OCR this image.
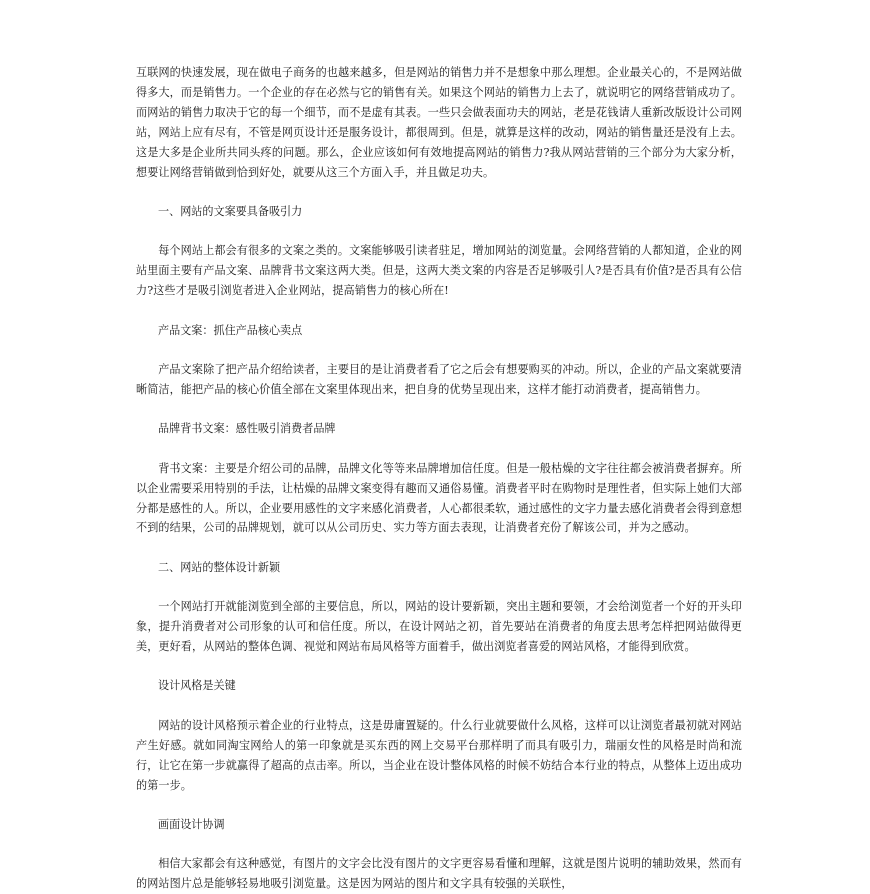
互联网的快速发展，现在做电子商务的也越来越多，但是网站的销售力并不是想象中那么理想。企业最关心的，不是网站做得多大，而是销售力。一个企业的存在必然与它的销售有关。如果这个网站的销售力上去了，就说明它的网络营销成功了。而网站的销售力取决于它的每一个细节，而不是虚有其表。一些只会做表面功夫的网站，老是花钱请人重新改版设计公司网站，网站上应有尽有，不管是网页设计还是服务设计，都很周到。但是，就算是这样的改动，网站的销售量还是没有上去。这是大多是企业所共同头疼的问题。那么，企业应该如何有效地提高网站的销售力?我从网站营销的三个部分为大家分析，想要让网络营销做到恰到好处，就要从这三个方面入手，并且做足功夫。

一、网站的文案要具备吸引力

每个网站上都会有很多的文案之类的。文案能够吸引读者驻足，增加网站的浏览量。会网络营销的人都知道，企业的网站里面主要有产品文案、品牌背书文案这两大类。但是，这两大类文案的内容是否足够吸引人?是否具有价值?是否具有公信力?这些才是吸引浏览者进入企业网站，提高销售力的核心所在!

产品文案：抓住产品核心卖点

产品文案除了把产品介绍给读者，主要目的是让消费者看了它之后会有想要购买的冲动。所以，企业的产品文案就要清晰简洁，能把产品的核心价值全部在文案里体现出来，把自身的优势呈现出来，这样才能打动消费者，提高销售力。

品牌背书文案：感性吸引消费者品牌

背书文案：主要是介绍公司的品牌，品牌文化等等来品牌增加信任度。但是一般枯燥的文字往往都会被消费者摒弃。所以企业需要采用特别的手法，让枯燥的品牌文案变得有趣而又通俗易懂。消费者平时在购物时是理性者，但实际上她们大部分都是感性的人。所以，企业要用感性的文字来感化消费者，人心都很柔软，通过感性的文字力量去感化消费者会得到意想不到的结果，公司的品牌规划，就可以从公司历史、实力等方面去表现，让消费者充份了解该公司，并为之感动。

二、网站的整体设计新颖

一个网站打开就能浏览到全部的主要信息，所以，网站的设计要新颖，突出主题和要领，才会给浏览者一个好的开头印象，提升消费者对公司形象的认可和信任度。所以，在设计网站之初，首先要站在消费者的角度去思考怎样把网站做得更美，更好看，从网站的整体色调、视觉和网站布局风格等方面着手，做出浏览者喜爱的网站风格，才能得到欣赏。

设计风格是关键

网站的设计风格预示着企业的行业特点，这是毋庸置疑的。什么行业就要做什么风格，这样可以让浏览者最初就对网站产生好感。就如同淘宝网给人的第一印象就是买东西的网上交易平台那样明了而具有吸引力，瑞丽女性的风格是时尚和流行，让它在第一步就赢得了超高的点击率。所以，当企业在设计整体风格的时候不妨结合本行业的特点，从整体上迈出成功的第一步。

画面设计协调

相信大家都会有这种感觉，有图片的文字会比没有图片的文字更容易看懂和理解，这就是图片说明的辅助效果，然而有的网站图片总是能够轻易地吸引浏览量。这是因为网站的图片和文字具有较强的关联性，
